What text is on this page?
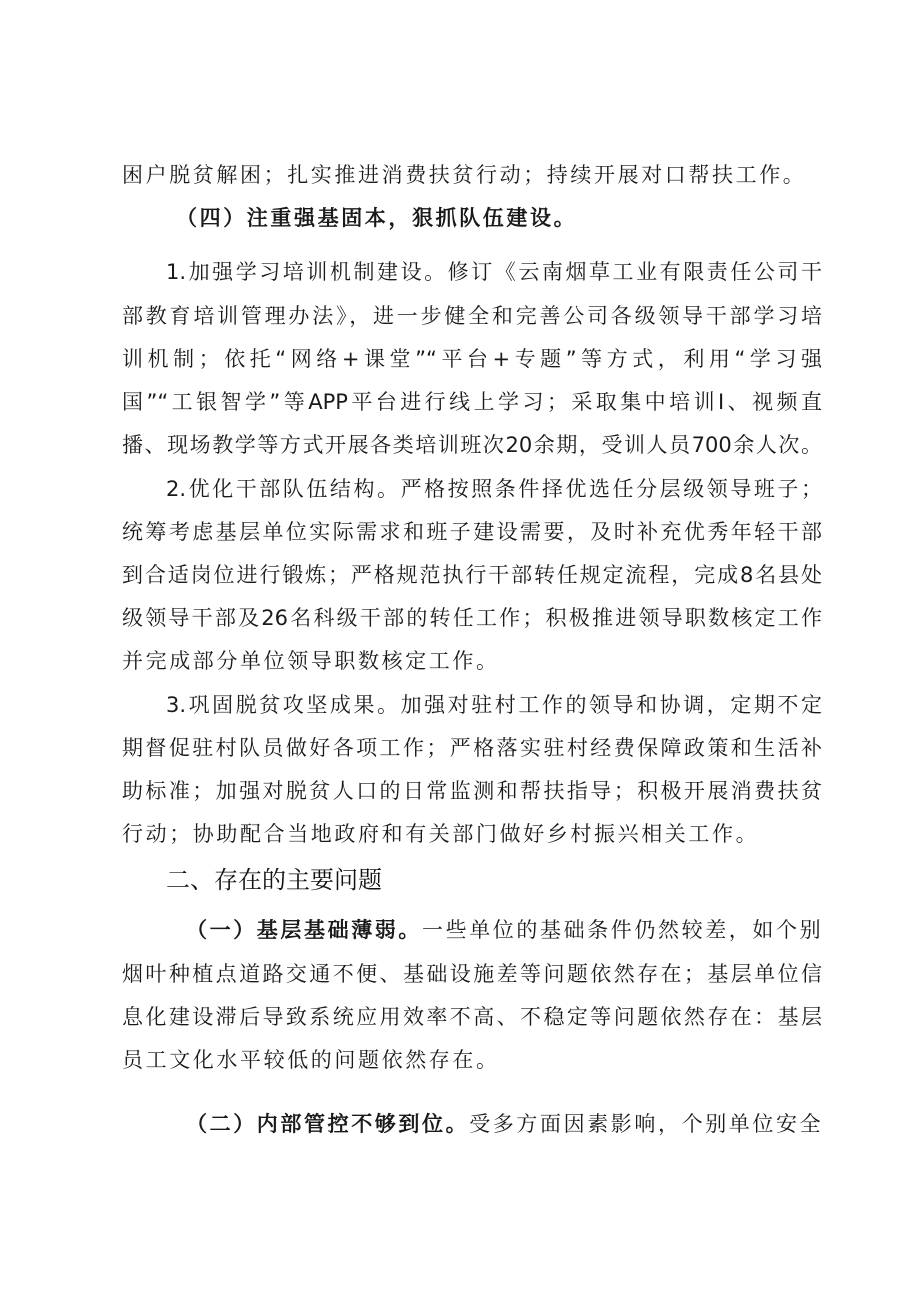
困户脱贫解困；扎实推进消费扶贫行动；持续开展对口帮扶工作。
（四）注重强基固本，狠抓队伍建设。
1.加强学习培训机制建设。修订《云南烟草工业有限责任公司干
部教育培训管理办法》，进一步健全和完善公司各级领导干部学习培
训机制；依托“网络+课堂”“平台+专题”等方式，利用“学习强
国”“工银智学”等APP平台进行线上学习；采取集中培训I、视频直
播、现场教学等方式开展各类培训班次20余期，受训人员700余人次。
2.优化干部队伍结构。严格按照条件择优选任分层级领导班子；
统筹考虑基层单位实际需求和班子建设需要，及时补充优秀年轻干部
到合适岗位进行锻炼；严格规范执行干部转任规定流程，完成8名县处
级领导干部及26名科级干部的转任工作；积极推进领导职数核定工作
并完成部分单位领导职数核定工作。
3.巩固脱贫攻坚成果。加强对驻村工作的领导和协调，定期不定
期督促驻村队员做好各项工作；严格落实驻村经费保障政策和生活补
助标准；加强对脱贫人口的日常监测和帮扶指导；积极开展消费扶贫
行动；协助配合当地政府和有关部门做好乡村振兴相关工作。
二、存在的主要问题
（一）基层基础薄弱。一些单位的基础条件仍然较差，如个别
烟叶种植点道路交通不便、基础设施差等问题依然存在；基层单位信
息化建设滞后导致系统应用效率不高、不稳定等问题依然存在：基层
员工文化水平较低的问题依然存在。
（二）内部管控不够到位。受多方面因素影响，个别单位安全
